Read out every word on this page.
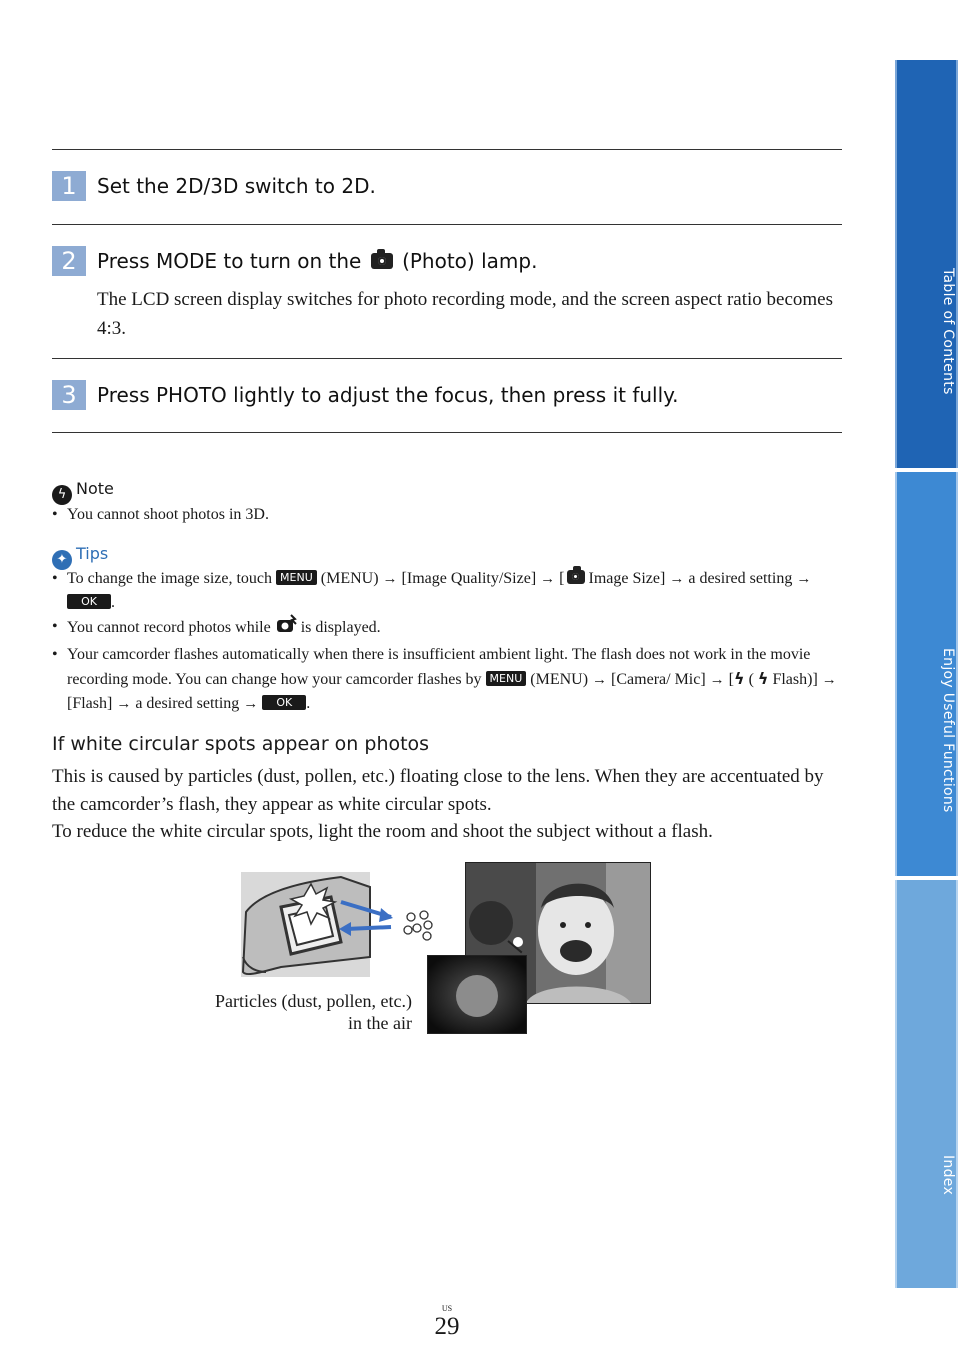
1	Set the 2D/3D switch to 2D.
2	Press MODE to turn on the (Photo) lamp.
The LCD screen display switches for photo recording mode, and the screen aspect ratio becomes 4:3.
3	Press PHOTO lightly to adjust the focus, then press it fully.
ϟ Note
• You cannot shoot photos in 3D.
✦ Tips
• To change the image size, touch MENU (MENU) → [Image Quality/Size] → [ Image Size] → a desired setting → OK .
• You cannot record photos while is displayed.
• Your camcorder flashes automatically when there is insufficient ambient light. The flash does not work in the movie recording mode. You can change how your camcorder flashes by MENU (MENU) → [Camera/ Mic] → [ϟ ( ϟ Flash)] → [Flash] → a desired setting → OK .
If white circular spots appear on photos

This is caused by particles (dust, pollen, etc.) floating close to the lens. When they are accentuated by the camcorder’s flash, they appear as white circular spots.

To reduce the white circular spots, light the room and shoot the subject without a flash.

Particles (dust, pollen, etc.)
in the air
Table of Contents
Enjoy Useful Functions
Index
US
29
